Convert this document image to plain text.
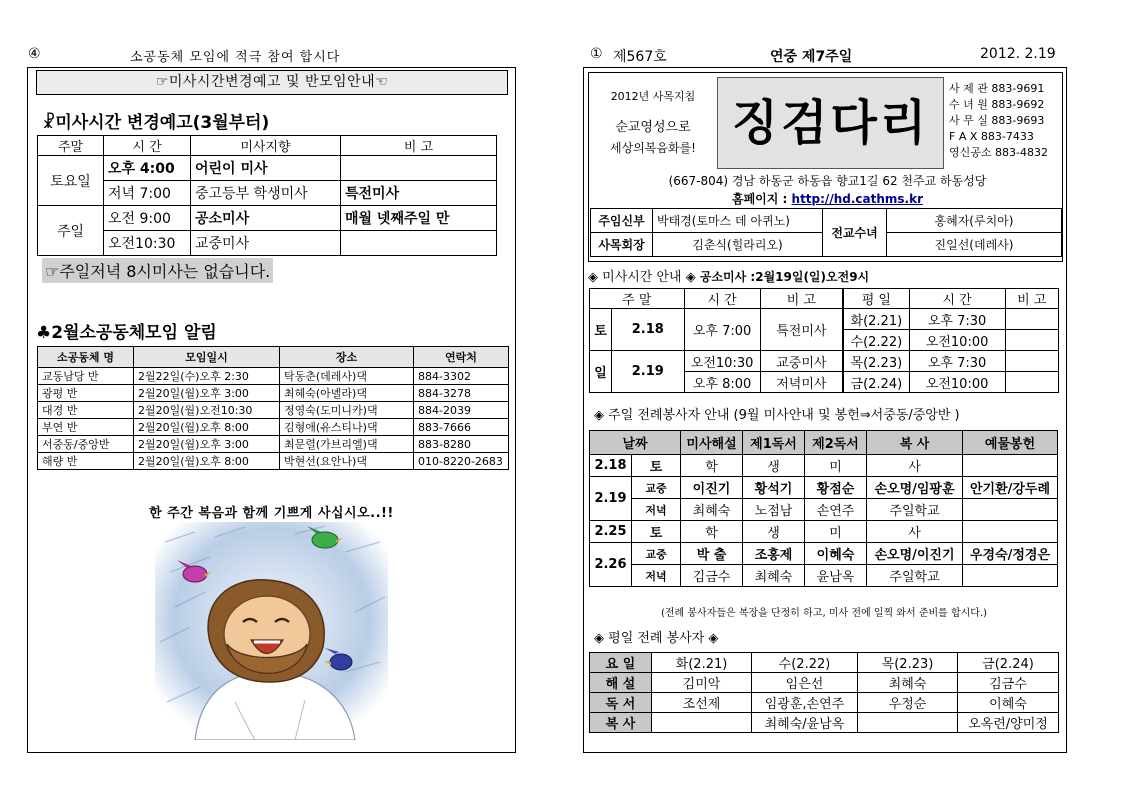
④	소공동체 모임에 적극 참여 합시다
☞미사시간변경예고 및 반모임안내☜
☧미사시간 변경예고(3월부터)
주말	시 간	미사지향	비 고
토요일	오후 4:00	어린이 미사	
	저녁 7:00	중고등부 학생미사	특전미사
주일	오전 9:00	공소미사	매월 넷째주일 만
	오전10:30	교중미사	
☞주일저녁 8시미사는 없습니다.
♣2월소공동체모임 알림
소공동체 명	모임일시	장소	연락처
교동남당 반	2월22일(수)오후 2:30	탁동춘(데레사)댁	884-3302
광평 반	2월20일(월)오후 3:00	최혜숙(아녤라)댁	884-3278
대경 반	2월20일(월)오전10:30	정영숙(도미니카)댁	884-2039
부연 반	2월20일(월)오후 8:00	김형애(유스티나)댁	883-7666
서중동/중앙반	2월20일(월)오후 3:00	최문렬(가브리엘)댁	883-8280
해량 반	2월20일(월)오후 8:00	박현선(요안나)댁	010-8220-2683
한 주간 복음과 함께 기쁘게 사십시오..!!
① 제567호	연중 제7주일	2012. 2.19
2012년 사목지침
순교영성으로
세상의복음화를! 징검다리
사 제 관 883-9691
수 녀 원 883-9692
사 무 실 883-9693
F A X 883-7433
영신공소 883-4832
(667-804) 경남 하동군 하동읍 향교1길 62 천주교 하동성당
홈페이지 : http://hd.cathms.kr
주임신부	박태경(토마스 데 아퀴노)	전교수녀	홍혜자(루치아)
사목회장	김춘식(힐라리오)		진일선(데레사)
◈ 미사시간 안내 ◈ 공소미사 :2월19일(일)오전9시
주 말		시 간	비 고	평 일	시 간	비 고
토	2.18	오후 7:00	특전미사	화(2.21)	오후 7:30	
				수(2.22)	오전10:00	
일	2.19	오전10:30	교중미사	목(2.23)	오후 7:30	
		오후 8:00	저녁미사	금(2.24)	오전10:00	
◈ 주일 전례봉사자 안내 (9월 미사안내 및 봉헌⇒서중동/중앙반 )
날짜		미사해설	제1독서	제2독서	복 사	예물봉헌
2.18	토	학	생	미	사	
2.19	교중	이진기	황석기	황점순	손오명/임팡훈	안기환/강두례
	저녁	최혜숙	노점남	손연주	주일학교	
2.25	토	학	생	미	사	
2.26	교중	박 출	조홍제	이혜숙	손오명/이진기	우경숙/정경은
	저녁	김금수	최혜숙	윤남옥	주일학교	
(전례 봉사자들은 복장을 단정히 하고, 미사 전에 일찍 와서 준비를 합시다.)
◈ 평일 전례 봉사자 ◈
요 일	화(2.21)	수(2.22)	목(2.23)	금(2.24)
해 설	김미악	임은선	최혜숙	김금수
독 서	조선제	임광훈,손연주	우정순	이혜숙
복 사		최혜숙/윤남옥		오옥련/양미정
